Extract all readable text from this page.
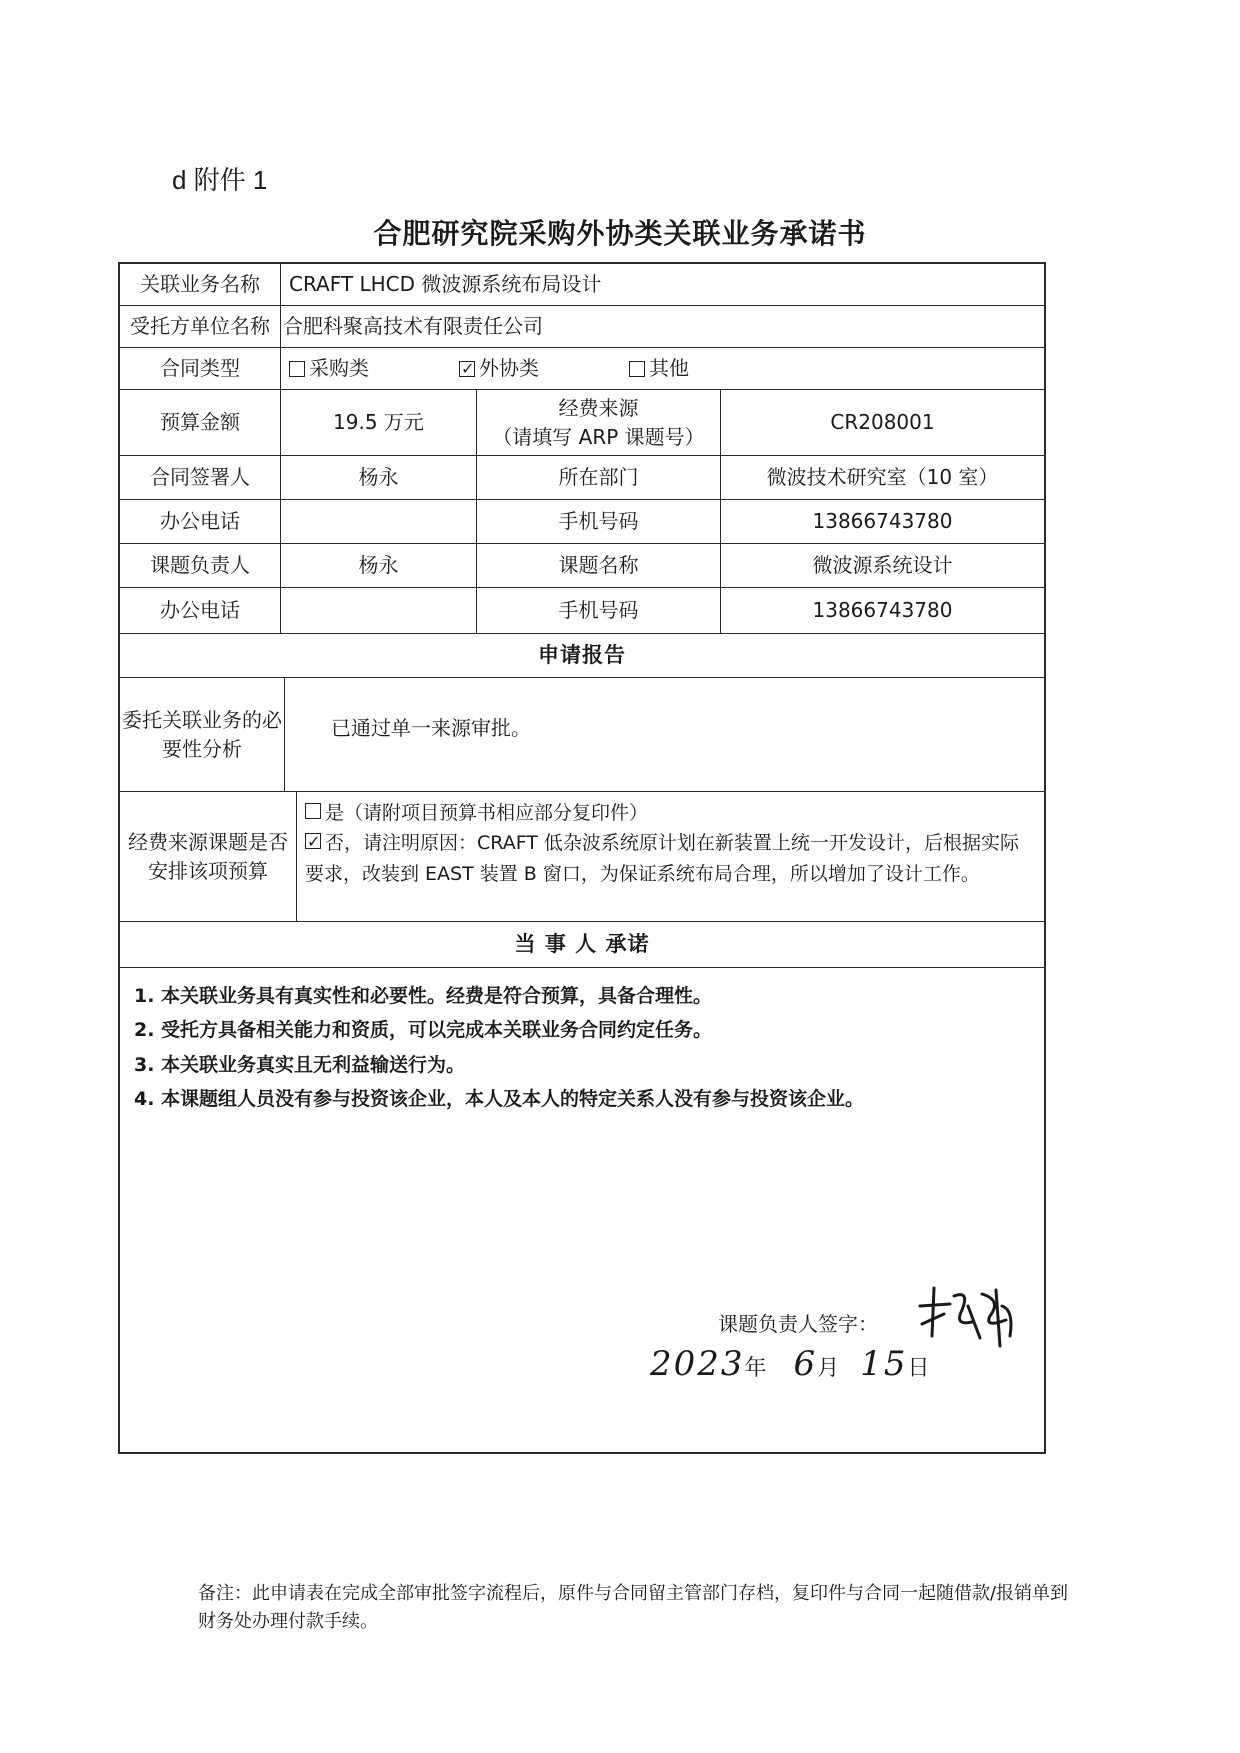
d 附件 1
合肥研究院采购外协类关联业务承诺书
关联业务名称	CRAFT LHCD 微波源系统布局设计
受托方单位名称 合肥科聚高技术有限责任公司
合同类型	采购类
✓	外协类	其他
预算金额	19.5 万元
经费来源
（请填写 ARP 课题号）
CR208001
合同签署人	杨永	所在部门	微波技术研究室（10 室）
办公电话	手机号码	13866743780
课题负责人	杨永	课题名称	微波源系统设计
办公电话	手机号码	13866743780
申请报告
委托关联业务的必
要性分析
已通过单一来源审批。
经费来源课题是否
安排该项预算
是（请附项目预算书相应部分复印件）
✓否，请注明原因：CRAFT 低杂波系统原计划在新装置上统一开发设计，后根据实际要求，改装到 EAST 装置 B 窗口，为保证系统布局合理，所以增加了设计工作。
当 事 人 承诺
1. 本关联业务具有真实性和必要性。经费是符合预算，具备合理性。
2. 受托方具备相关能力和资质，可以完成本关联业务合同约定任务。
3. 本关联业务真实且无利益输送行为。
4. 本课题组人员没有参与投资该企业，本人及本人的特定关系人没有参与投资该企业。
课题负责人签字：
2023年 6月 15日
备注：此申请表在完成全部审批签字流程后，原件与合同留主管部门存档，复印件与合同一起随借款/报销单到财务处办理付款手续。
